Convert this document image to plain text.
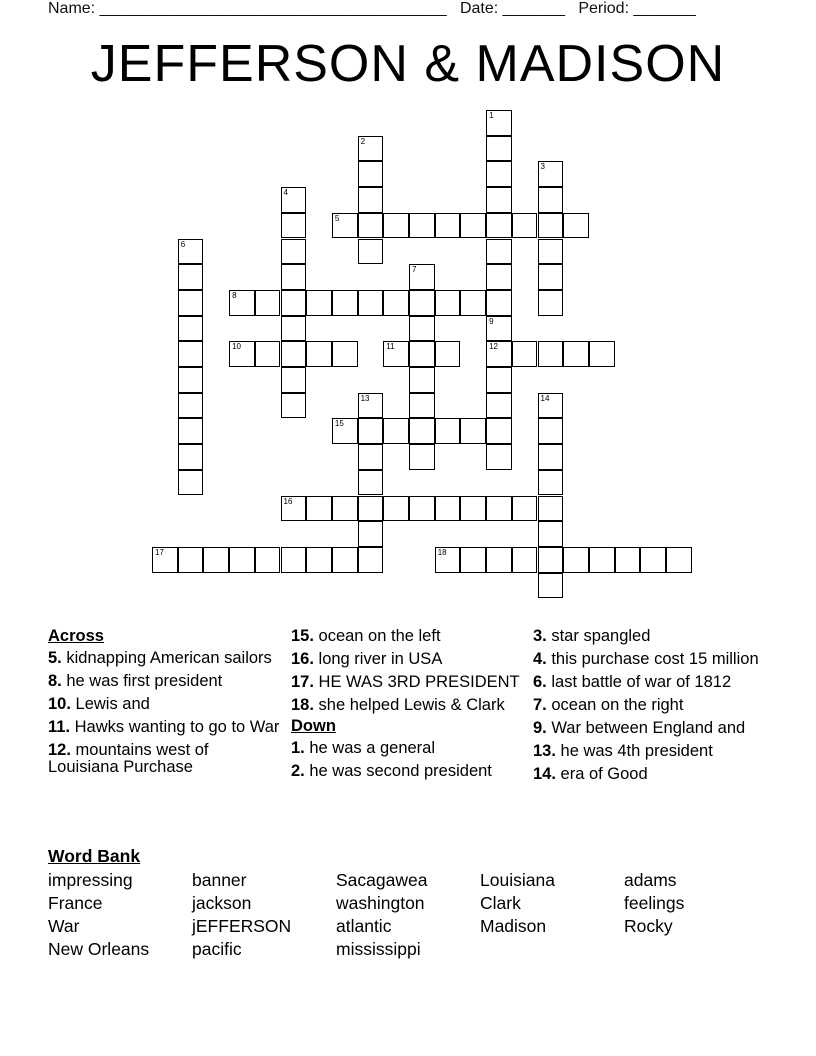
Name: _______________________________________ Date: _______ Period: _______
JEFFERSON & MADISON
1
2
3
4
5
6
7
8
9
12
10	11
13	14
15
16
17	18
Across
5. kidnapping American sailors
8. he was first president
10. Lewis and
11. Hawks wanting to go to War
12. mountains west of Louisiana Purchase
15. ocean on the left
16. long river in USA
17. HE WAS 3RD PRESIDENT
18. she helped Lewis & Clark
Down
1. he was a general
2. he was second president
3. star spangled
4. this purchase cost 15 million
6. last battle of war of 1812
7. ocean on the right
9. War between England and
13. he was 4th president
14. era of Good
Word Bank
impressing	banner	Sacagawea	Louisiana	adams
France	jackson	washington	Clark	feelings
War	jEFFERSON	atlantic	Madison	Rocky
New Orleans	pacific	mississippi
